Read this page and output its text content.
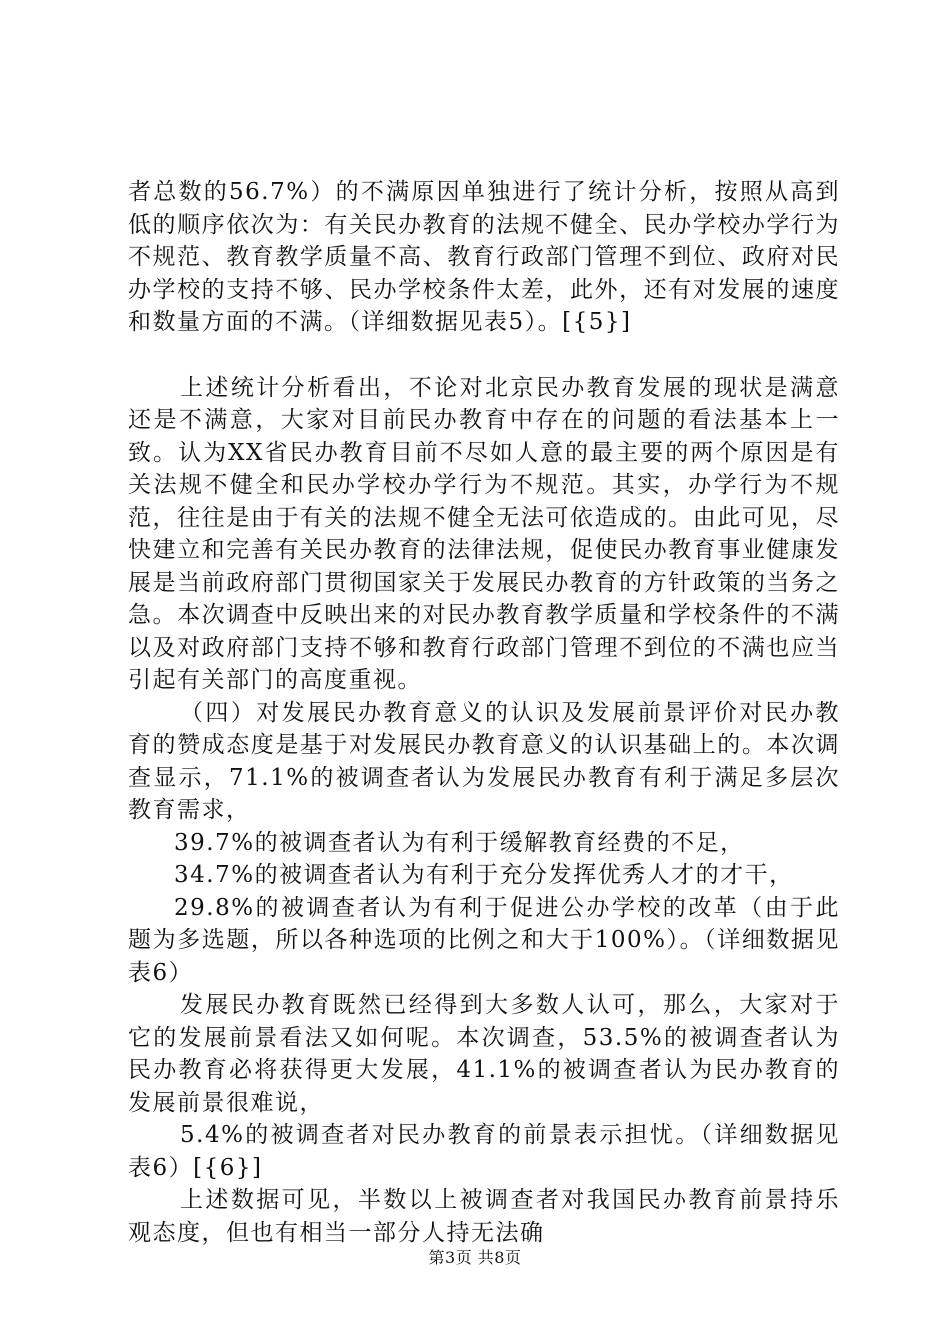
者总数的56.7%）的不满原因单独进行了统计分析，按照从高到低的顺序依次为：有关民办教育的法规不健全、民办学校办学行为不规范、教育教学质量不高、教育行政部门管理不到位、政府对民办学校的支持不够、民办学校条件太差，此外，还有对发展的速度和数量方面的不满。（详细数据见表5）。[{5}]

上述统计分析看出，不论对北京民办教育发展的现状是满意还是不满意，大家对目前民办教育中存在的问题的看法基本上一致。认为XX省民办教育目前不尽如人意的最主要的两个原因是有关法规不健全和民办学校办学行为不规范。其实，办学行为不规范，往往是由于有关的法规不健全无法可依造成的。由此可见，尽快建立和完善有关民办教育的法律法规，促使民办教育事业健康发展是当前政府部门贯彻国家关于发展民办教育的方针政策的当务之急。本次调查中反映出来的对民办教育教学质量和学校条件的不满以及对政府部门支持不够和教育行政部门管理不到位的不满也应当引起有关部门的高度重视。

（四）对发展民办教育意义的认识及发展前景评价对民办教育的赞成态度是基于对发展民办教育意义的认识基础上的。本次调查显示，71.1%的被调查者认为发展民办教育有利于满足多层次教育需求，

39.7%的被调查者认为有利于缓解教育经费的不足，

34.7%的被调查者认为有利于充分发挥优秀人才的才干，

29.8%的被调查者认为有利于促进公办学校的改革（由于此题为多选题，所以各种选项的比例之和大于100%）。（详细数据见表6）

发展民办教育既然已经得到大多数人认可，那么，大家对于它的发展前景看法又如何呢。本次调查，53.5%的被调查者认为民办教育必将获得更大发展，41.1%的被调查者认为民办教育的发展前景很难说，

5.4%的被调查者对民办教育的前景表示担忧。（详细数据见表6）[{6}]

上述数据可见，半数以上被调查者对我国民办教育前景持乐观态度，但也有相当一部分人持无法确

第3页 共8页
